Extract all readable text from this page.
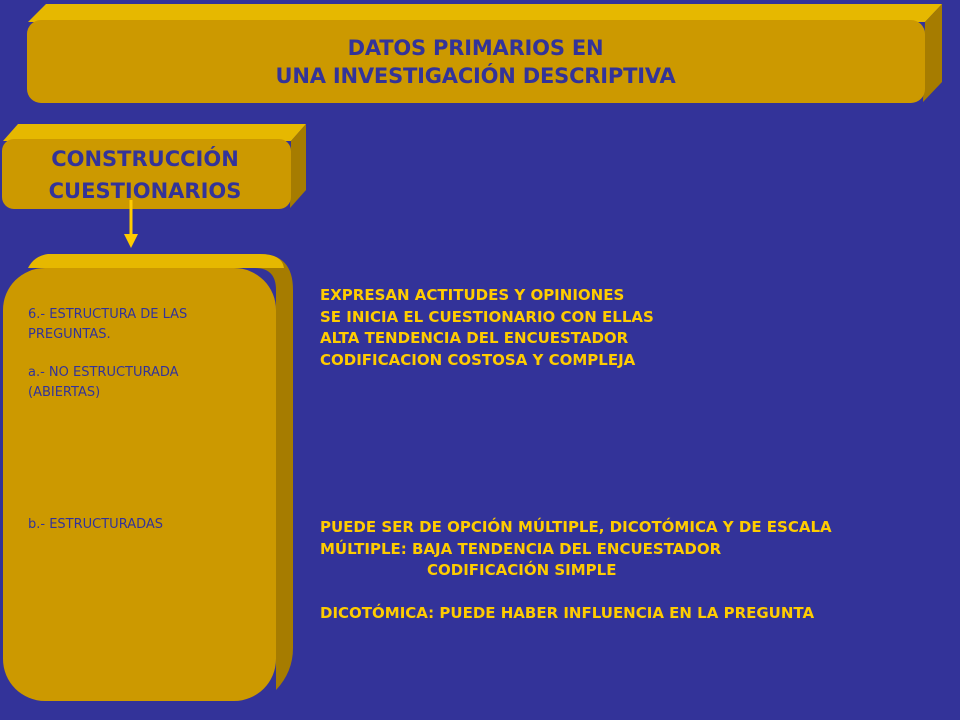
DATOS PRIMARIOS EN
UNA INVESTIGACIÓN DESCRIPTIVA
CONSTRUCCIÓN
CUESTIONARIOS
6.- ESTRUCTURA DE LAS
PREGUNTAS.
a.- NO ESTRUCTURADA
(ABIERTAS)
b.- ESTRUCTURADAS
EXPRESAN ACTITUDES Y OPINIONES
SE INICIA EL CUESTIONARIO CON ELLAS
ALTA TENDENCIA DEL ENCUESTADOR
CODIFICACION COSTOSA Y COMPLEJA
PUEDE SER DE OPCIÓN MÚLTIPLE, DICOTÓMICA Y DE ESCALA
MÚLTIPLE: BAJA TENDENCIA DEL ENCUESTADOR
CODIFICACIÓN SIMPLE
DICOTÓMICA: PUEDE HABER INFLUENCIA EN LA PREGUNTA
